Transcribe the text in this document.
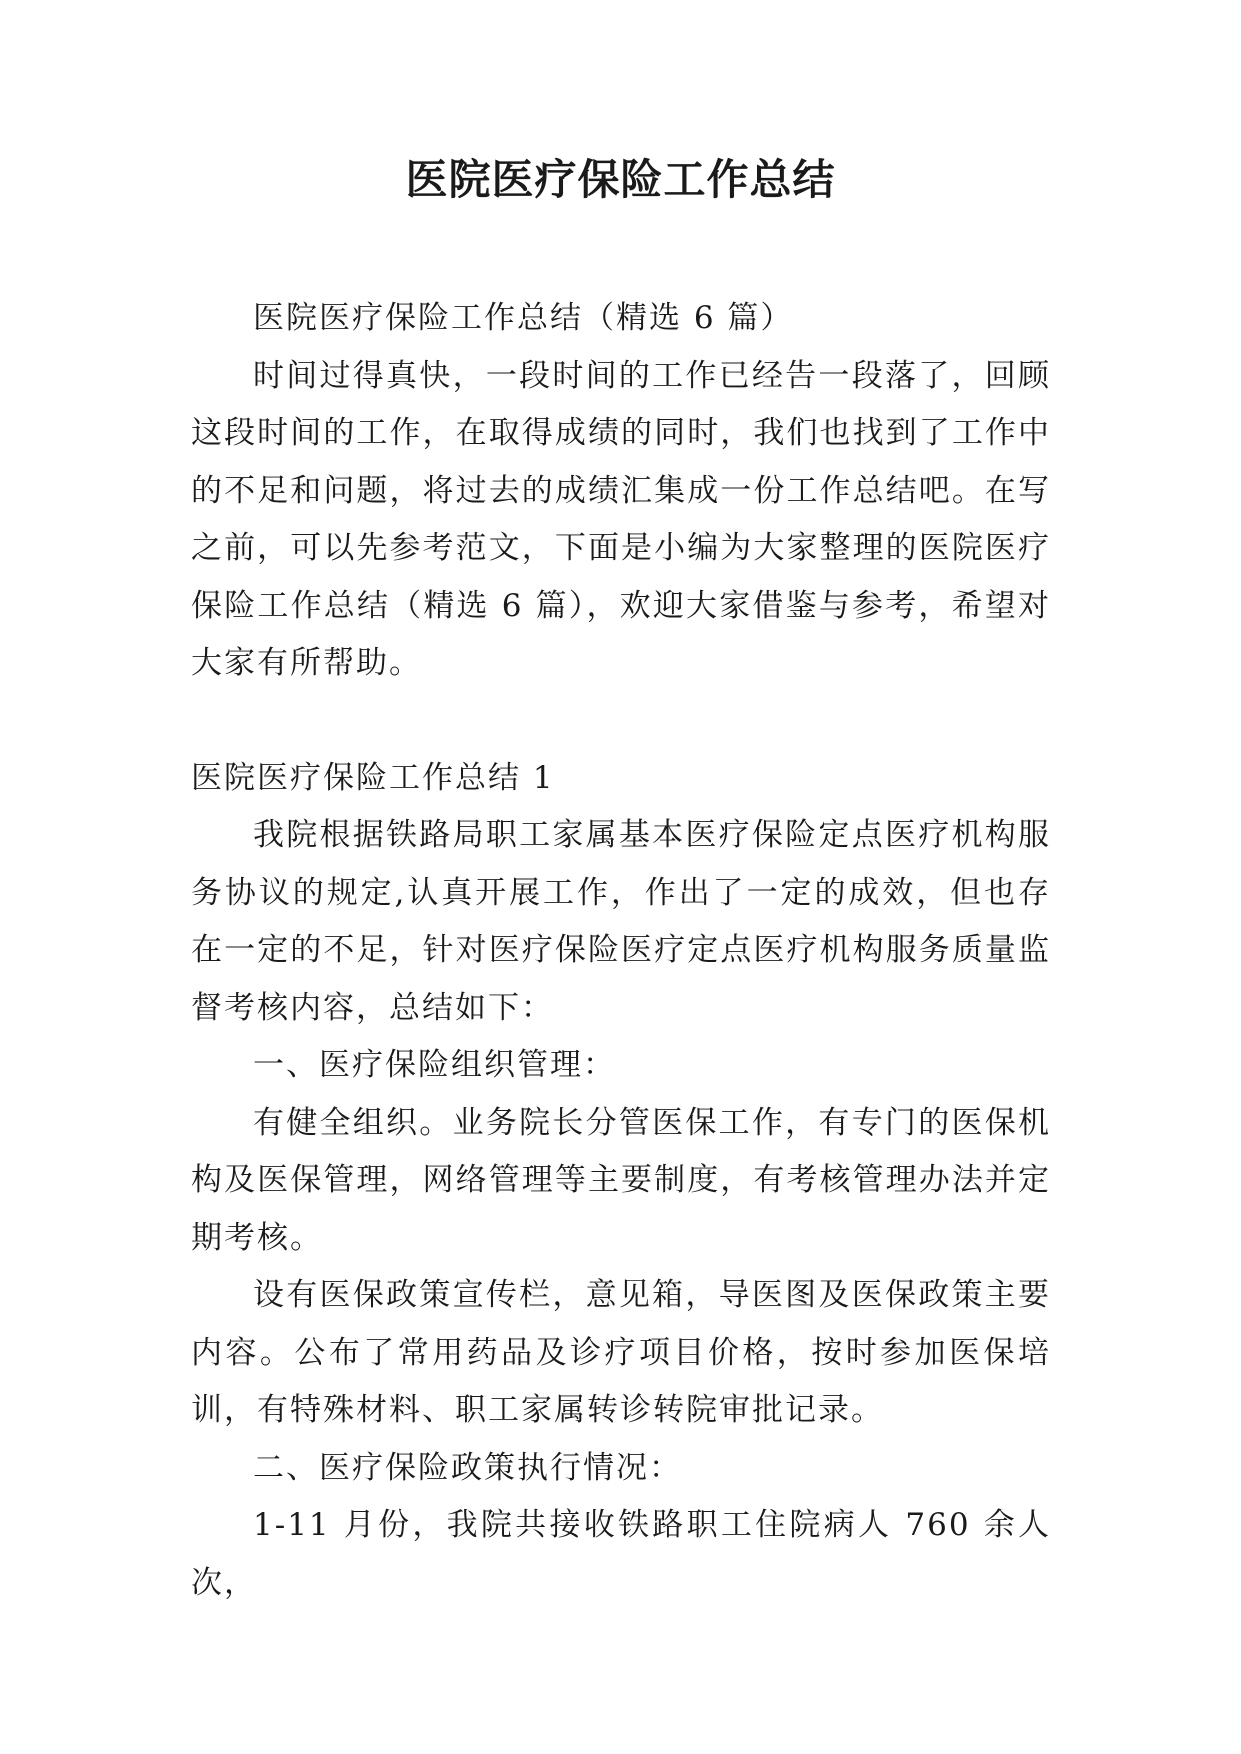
医院医疗保险工作总结

医院医疗保险工作总结（精选 6 篇）

时间过得真快，一段时间的工作已经告一段落了，回顾这段时间的工作，在取得成绩的同时，我们也找到了工作中的不足和问题，将过去的成绩汇集成一份工作总结吧。在写之前，可以先参考范文，下面是小编为大家整理的医院医疗保险工作总结（精选 6 篇），欢迎大家借鉴与参考，希望对大家有所帮助。

医院医疗保险工作总结 1

我院根据铁路局职工家属基本医疗保险定点医疗机构服务协议的规定,认真开展工作，作出了一定的成效，但也存在一定的不足，针对医疗保险医疗定点医疗机构服务质量监督考核内容，总结如下：

一、医疗保险组织管理：

有健全组织。业务院长分管医保工作，有专门的医保机构及医保管理，网络管理等主要制度，有考核管理办法并定期考核。

设有医保政策宣传栏，意见箱，导医图及医保政策主要内容。公布了常用药品及诊疗项目价格，按时参加医保培训，有特殊材料、职工家属转诊转院审批记录。

二、医疗保险政策执行情况：

1-11 月份，我院共接收铁路职工住院病人 760 余人次，
